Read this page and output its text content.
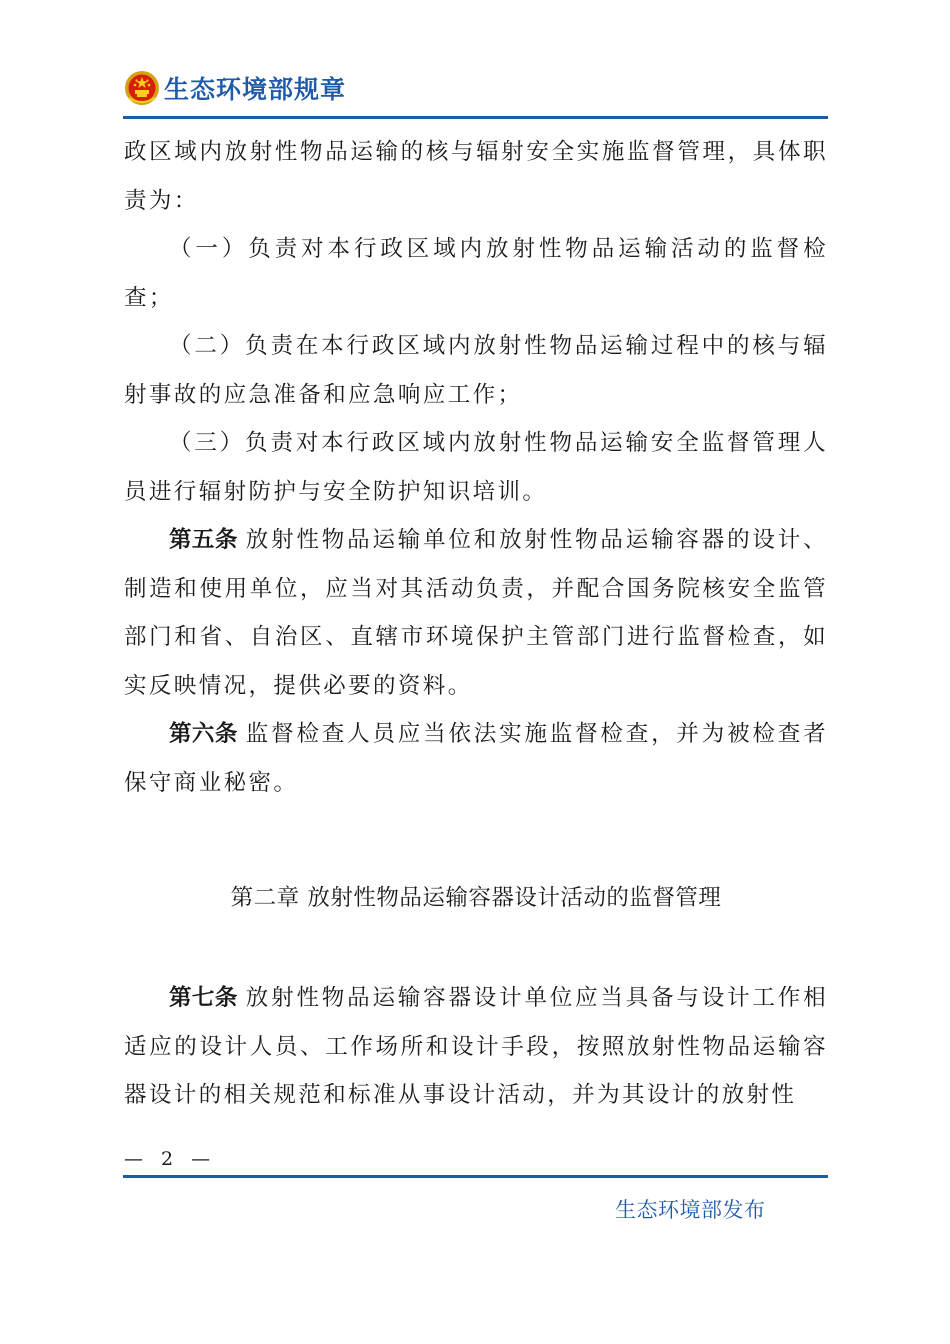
生态环境部规章

政区域内放射性物品运输的核与辐射安全实施监督管理，具体职责为：

（一）负责对本行政区域内放射性物品运输活动的监督检查；

（二）负责在本行政区域内放射性物品运输过程中的核与辐射事故的应急准备和应急响应工作；

（三）负责对本行政区域内放射性物品运输安全监督管理人员进行辐射防护与安全防护知识培训。

第五条 放射性物品运输单位和放射性物品运输容器的设计、制造和使用单位，应当对其活动负责，并配合国务院核安全监管部门和省、自治区、直辖市环境保护主管部门进行监督检查，如实反映情况，提供必要的资料。

第六条 监督检查人员应当依法实施监督检查，并为被检查者保守商业秘密。

第二章 放射性物品运输容器设计活动的监督管理

第七条 放射性物品运输容器设计单位应当具备与设计工作相适应的设计人员、工作场所和设计手段，按照放射性物品运输容器设计的相关规范和标准从事设计活动，并为其设计的放射性

— 2 —
生态环境部发布
